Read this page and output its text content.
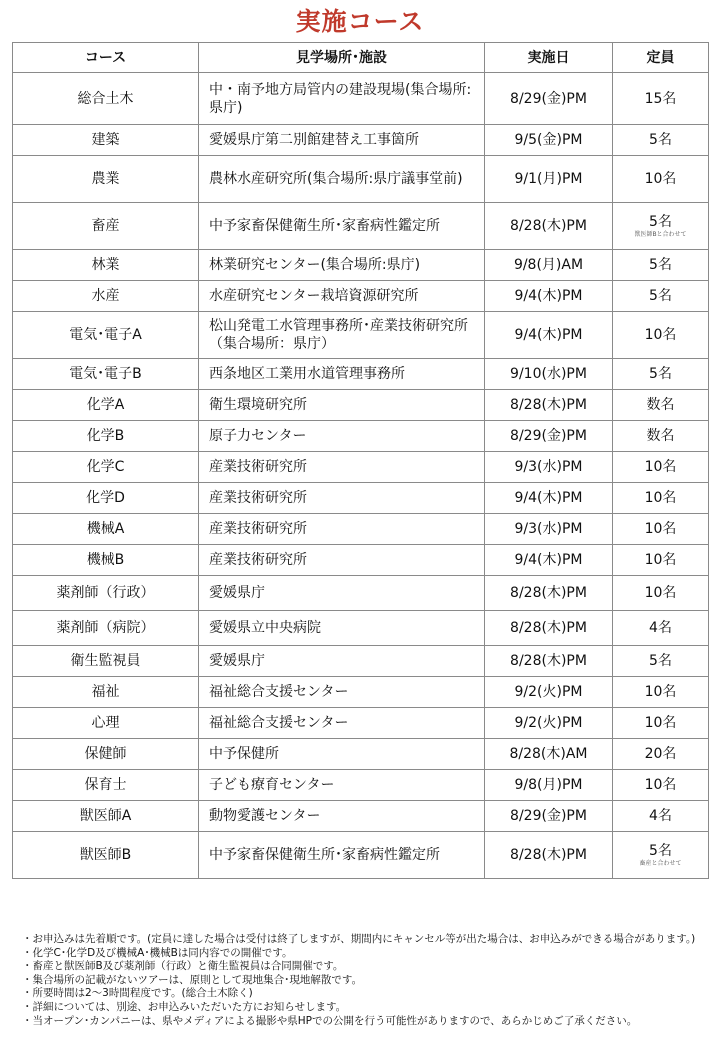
実施コース
コース	見学場所･施設	実施日	定員
総合土木	中・南予地方局管内の建設現場(集合場所:県庁)	8/29(金)PM	15名
建築	愛媛県庁第二別館建替え工事箇所	9/5(金)PM	5名
農業	農林水産研究所(集合場所:県庁議事堂前)	9/1(月)PM	10名
畜産	中予家畜保健衛生所･家畜病性鑑定所	8/28(木)PM	5名
獣医師Bと合わせて

林業	林業研究センター(集合場所:県庁)	9/8(月)AM	5名
水産	水産研究センター栽培資源研究所	9/4(木)PM	5名
電気･電子A	松山発電工水管理事務所･産業技術研究所（集合場所：県庁）	9/4(木)PM	10名
電気･電子B	西条地区工業用水道管理事務所	9/10(水)PM	5名
化学A	衛生環境研究所	8/28(木)PM	数名
化学B	原子力センター	8/29(金)PM	数名
化学C	産業技術研究所	9/3(水)PM	10名
化学D	産業技術研究所	9/4(木)PM	10名
機械A	産業技術研究所	9/3(水)PM	10名
機械B	産業技術研究所	9/4(木)PM	10名
薬剤師（行政）	愛媛県庁	8/28(木)PM	10名
薬剤師（病院）	愛媛県立中央病院	8/28(木)PM	4名
衛生監視員	愛媛県庁	8/28(木)PM	5名
福祉	福祉総合支援センター	9/2(火)PM	10名
心理	福祉総合支援センター	9/2(火)PM	10名
保健師	中予保健所	8/28(木)AM	20名
保育士	子ども療育センター	9/8(月)PM	10名
獣医師A	動物愛護センター	8/29(金)PM	4名
獣医師B	中予家畜保健衛生所･家畜病性鑑定所	8/28(木)PM	5名
畜産と合わせて
・お申込みは先着順です。(定員に達した場合は受付は終了しますが、期間内にキャンセル等が出た場合は、お申込みができる場合があります。)
・化学C･化学D及び機械A･機械Bは同内容での開催です。
・畜産と獣医師B及び薬剤師（行政）と衛生監視員は合同開催です。
・集合場所の記載がないツアーは、原則として現地集合･現地解散です。
・所要時間は2～3時間程度です。(総合土木除く)
・詳細については、別途、お申込みいただいた方にお知らせします。
・当オープン･カンパニーは、県やメディアによる撮影や県HPでの公開を行う可能性がありますので、あらかじめご了承ください。
